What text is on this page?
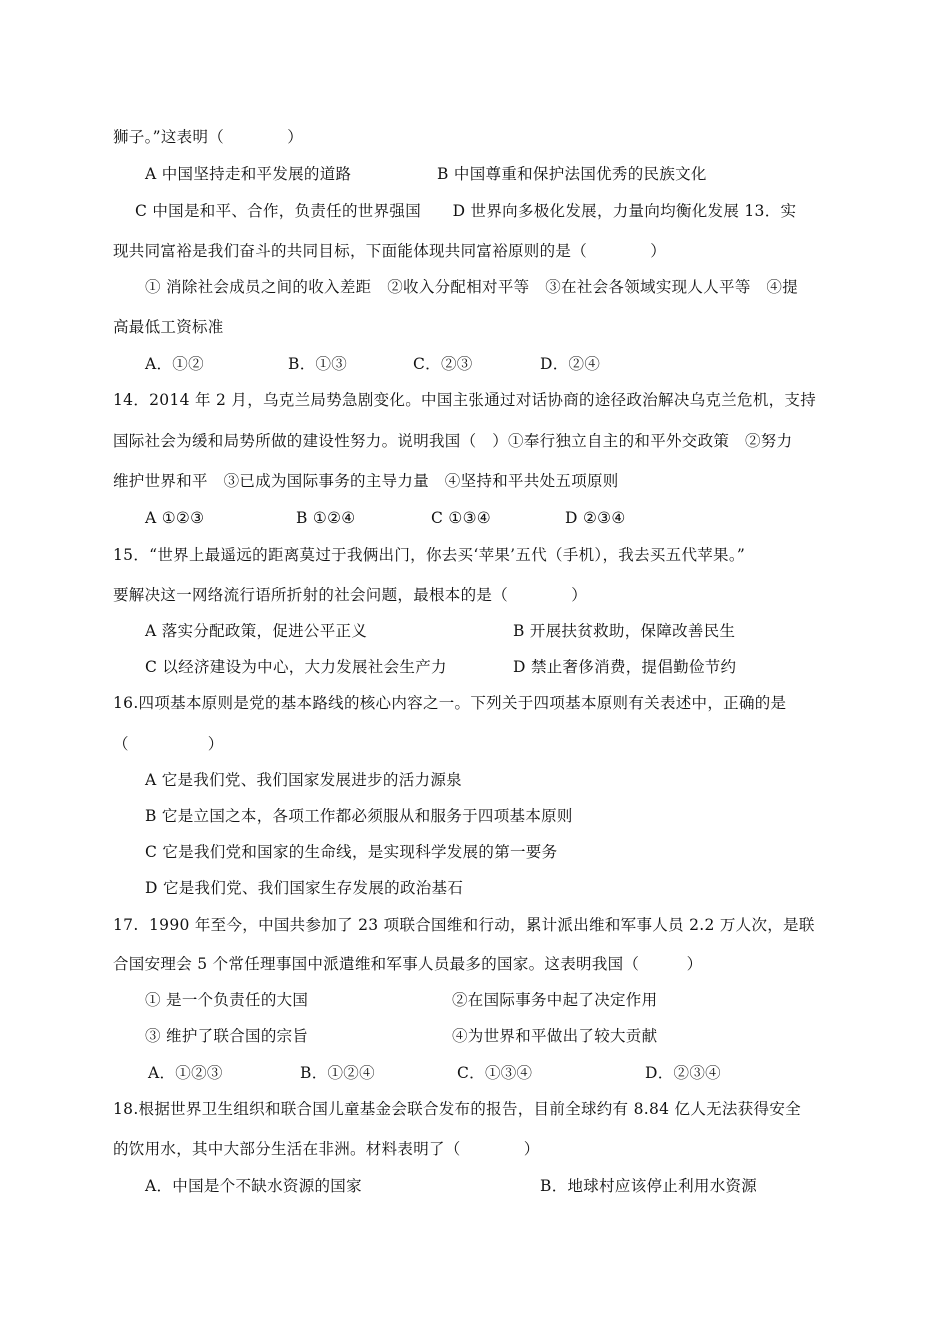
狮子。”这表明（　　　　）
A 中国坚持走和平发展的道路	B 中国尊重和保护法国优秀的民族文化
C 中国是和平、合作，负责任的世界强国　　D 世界向多极化发展，力量向均衡化发展 13．实
现共同富裕是我们奋斗的共同目标，下面能体现共同富裕原则的是（　　　　）
① 消除社会成员之间的收入差距　②收入分配相对平等　③在社会各领域实现人人平等　④提
高最低工资标准
A．①②	B．①③	C．②③	D．②④
14．2014 年 2 月，乌克兰局势急剧变化。中国主张通过对话协商的途径政治解决乌克兰危机，支持
国际社会为缓和局势所做的建设性努力。说明我国（　）①奉行独立自主的和平外交政策　②努力
维护世界和平　③已成为国际事务的主导力量　④坚持和平共处五项原则
A ①②③	B ①②④	C ①③④	D ②③④
15．“世界上最遥远的距离莫过于我俩出门，你去买‘苹果’五代（手机），我去买五代苹果。”
要解决这一网络流行语所折射的社会问题，最根本的是（　　　　）
A 落实分配政策，促进公平正义	B 开展扶贫救助，保障改善民生
C 以经济建设为中心，大力发展社会生产力	D 禁止奢侈消费，提倡勤俭节约
16.四项基本原则是党的基本路线的核心内容之一。下列关于四项基本原则有关表述中，正确的是
（　　　　　）
A 它是我们党、我们国家发展进步的活力源泉
B 它是立国之本，各项工作都必须服从和服务于四项基本原则
C 它是我们党和国家的生命线，是实现科学发展的第一要务
D 它是我们党、我们国家生存发展的政治基石
17.  1990 年至今，中国共参加了 23 项联合国维和行动，累计派出维和军事人员 2.2 万人次，是联
合国安理会 5 个常任理事国中派遣维和军事人员最多的国家。这表明我国（　　　）
① 是一个负责任的大国	②在国际事务中起了决定作用
③ 维护了联合国的宗旨	④为世界和平做出了较大贡献
A．①②③	B．①②④	C．①③④	D．②③④
18.根据世界卫生组织和联合国儿童基金会联合发布的报告，目前全球约有 8.84 亿人无法获得安全
的饮用水，其中大部分生活在非洲。材料表明了（　　　　）
A．中国是个不缺水资源的国家	B．地球村应该停止利用水资源
